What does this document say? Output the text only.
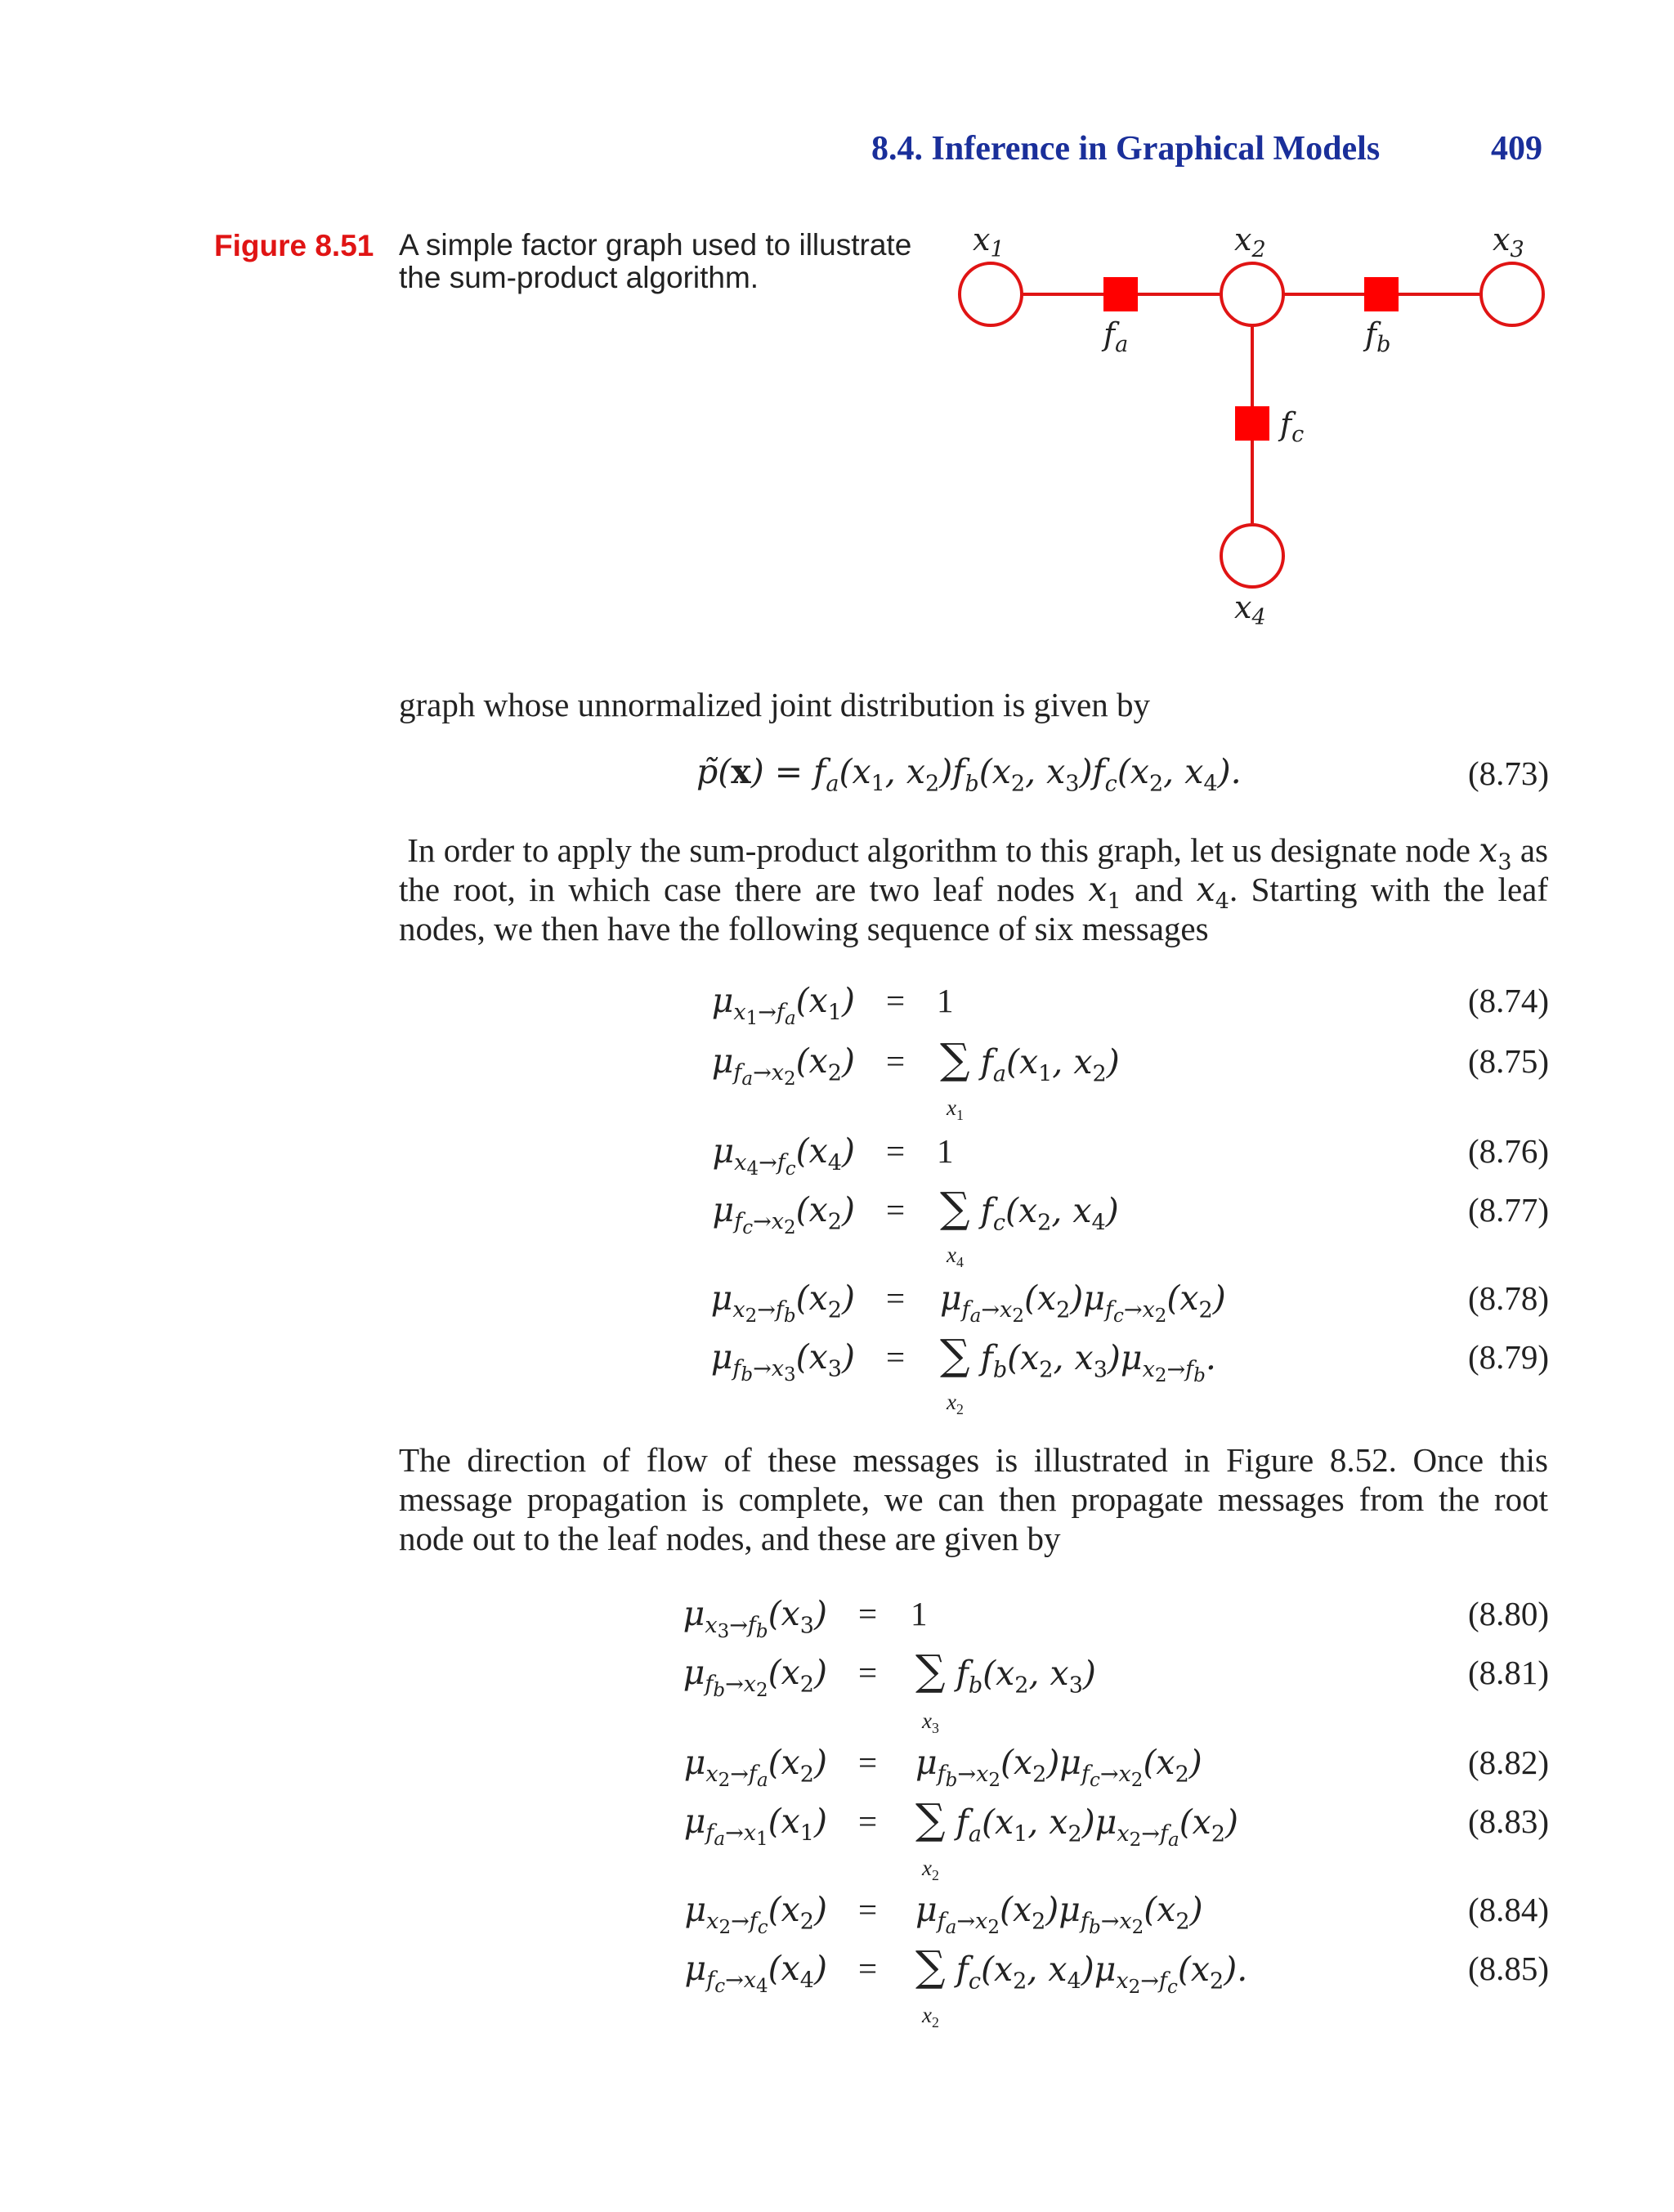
8.4. Inference in Graphical Models	409
Figure 8.51 A simple factor graph used to illustrate the sum-product algorithm.
$x_1$	$x_2$	$x_3$
$x_4$
$f_a$	$f_b$
$f_c$
graph whose unnormalized joint distribution is given by
p̃(x) = $f_a(x_1$, $x_2)f_b(x_2$, $x_3)f_c(x_2$, $x_4$).	(8.73)
In order to apply the sum-product algorithm to this graph, let us designate node $x_3$ as the root, in which case there are two leaf nodes $x_1$ and $x_4$. Starting with the leaf nodes, we then have the following sequence of six messages
$\mu_{x_1\to f_a}(x_1) = 1$	(8.74)
$\mu_{f_a\to x_2}(x_2)$ = ∑ $f_a(x_1$, $x_2$)
$x_1$
(8.75)
$\mu_{x_4\to f_c}(x_4) = 1$	(8.76)
$\mu_{f_c\to x_2}(x_2)$ = ∑ $f_c(x_2$, $x_4$)
$x_4$
(8.77)
$\mu_{x_2\to f_b}(x_2) = \mu_{f_a\to x_2}(x_2)\mu_{f_c\to x_2}(x_2)$	(8.78)
$\mu_{f_b\to x_3}(x_3)$ = ∑ $f_b(x_2$, $x_3)\mu_{x_2\to f_b}$.
$x_2$
(8.79)
The direction of flow of these messages is illustrated in Figure 8.52. Once this message propagation is complete, we can then propagate messages from the root node out to the leaf nodes, and these are given by
$\mu_{x_3\to f_b}(x_3) = 1$	(8.80)
$\mu_{f_b\to x_2}(x_2)$ = ∑ $f_b(x_2$, $x_3$)
$x_3$
(8.81)
$\mu_{x_2\to f_a}(x_2) = \mu_{f_b\to x_2}(x_2)\mu_{f_c\to x_2}(x_2)$	(8.82)
$\mu_{f_a\to x_1}(x_1)$ = ∑ $f_a(x_1$, $x_2)\mu_{x_2\to f_a}(x_2)$
$x_2$
(8.83)
$\mu_{x_2\to f_c}(x_2) = \mu_{f_a\to x_2}(x_2)\mu_{f_b\to x_2}(x_2)$	(8.84)
$\mu_{f_c\to x_4}(x_4)$ = ∑ $f_c(x_2$, $x_4)\mu_{x_2\to f_c}(x_2)$.
$x_2$
(8.85)
